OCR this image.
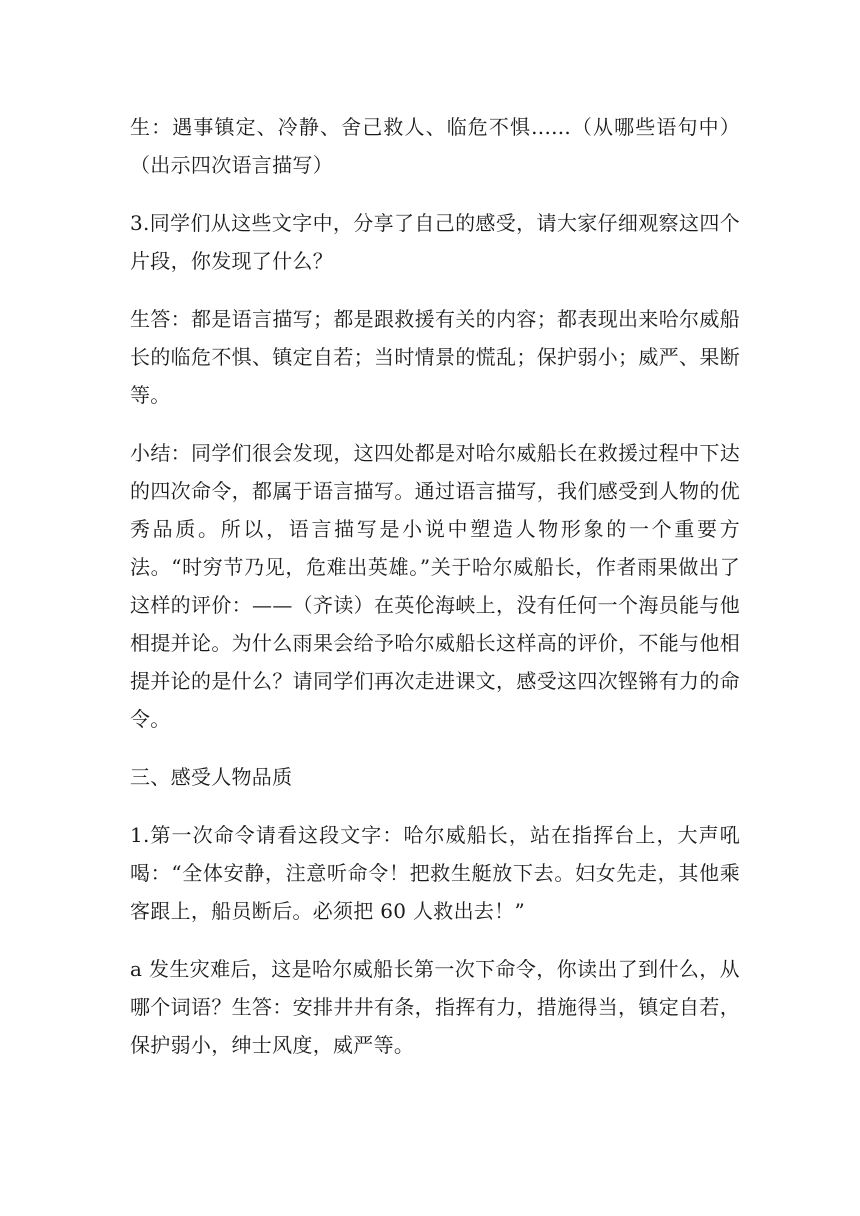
生：遇事镇定、冷静、舍己救人、临危不惧......（从哪些语句中）（出示四次语言描写）

3.同学们从这些文字中，分享了自己的感受，请大家仔细观察这四个片段，你发现了什么？

生答：都是语言描写；都是跟救援有关的内容；都表现出来哈尔威船长的临危不惧、镇定自若；当时情景的慌乱；保护弱小；威严、果断等。

小结：同学们很会发现，这四处都是对哈尔威船长在救援过程中下达的四次命令，都属于语言描写。通过语言描写，我们感受到人物的优秀品质。所以，语言描写是小说中塑造人物形象的一个重要方法。“时穷节乃见，危难出英雄。”关于哈尔威船长，作者雨果做出了这样的评价：——（齐读）在英伦海峡上，没有任何一个海员能与他相提并论。为什么雨果会给予哈尔威船长这样高的评价，不能与他相提并论的是什么？请同学们再次走进课文，感受这四次铿锵有力的命令。

三、感受人物品质

1.第一次命令请看这段文字：哈尔威船长，站在指挥台上，大声吼喝：“全体安静，注意听命令！把救生艇放下去。妇女先走，其他乘客跟上，船员断后。必须把 60 人救出去！”

a 发生灾难后，这是哈尔威船长第一次下命令，你读出了到什么，从哪个词语？生答：安排井井有条，指挥有力，措施得当，镇定自若，保护弱小，绅士风度，威严等。
